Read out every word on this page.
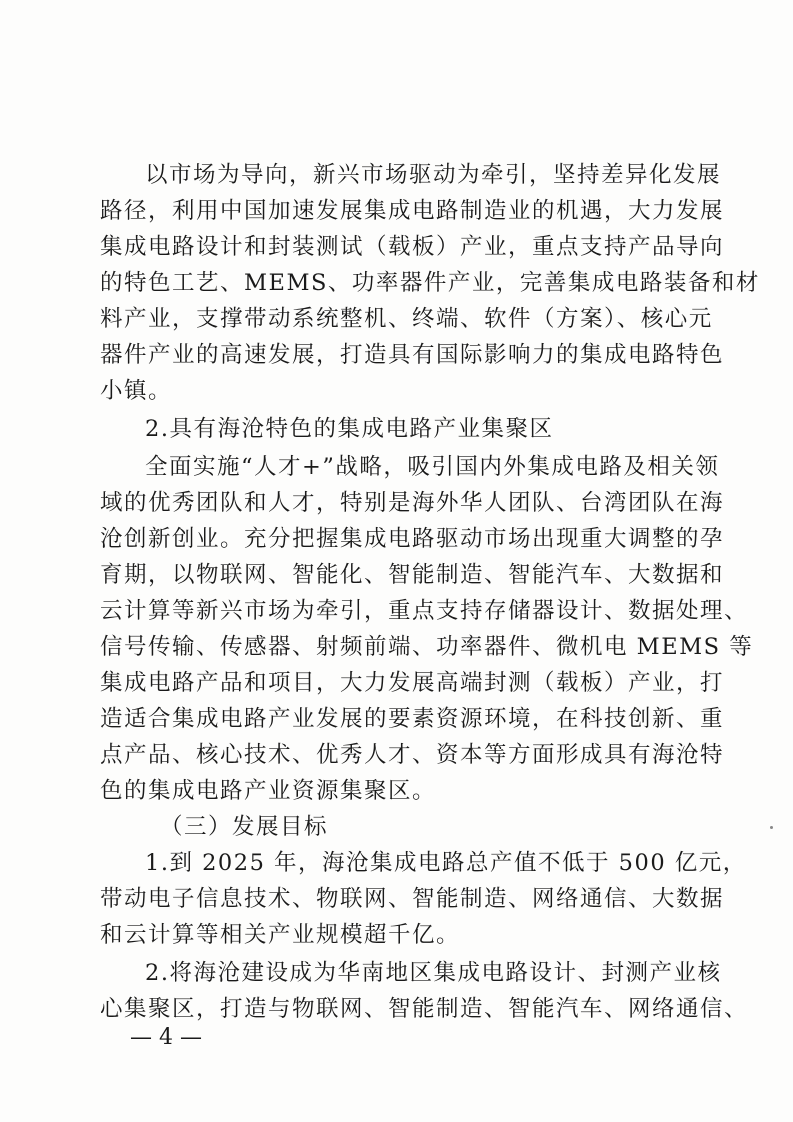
以市场为导向，新兴市场驱动为牵引，坚持差异化发展
路径，利用中国加速发展集成电路制造业的机遇，大力发展
集成电路设计和封装测试（载板）产业，重点支持产品导向
的特色工艺、MEMS、功率器件产业，完善集成电路装备和材
料产业，支撑带动系统整机、终端、软件（方案）、核心元
器件产业的高速发展，打造具有国际影响力的集成电路特色
小镇。
2.具有海沧特色的集成电路产业集聚区
全面实施“人才+”战略，吸引国内外集成电路及相关领
域的优秀团队和人才，特别是海外华人团队、台湾团队在海
沧创新创业。充分把握集成电路驱动市场出现重大调整的孕
育期，以物联网、智能化、智能制造、智能汽车、大数据和
云计算等新兴市场为牵引，重点支持存储器设计、数据处理、
信号传输、传感器、射频前端、功率器件、微机电 MEMS 等
集成电路产品和项目，大力发展高端封测（载板）产业，打
造适合集成电路产业发展的要素资源环境，在科技创新、重
点产品、核心技术、优秀人才、资本等方面形成具有海沧特
色的集成电路产业资源集聚区。
（三）发展目标
1.到 2025 年，海沧集成电路总产值不低于 500 亿元，
带动电子信息技术、物联网、智能制造、网络通信、大数据
和云计算等相关产业规模超千亿。
2.将海沧建设成为华南地区集成电路设计、封测产业核
心集聚区，打造与物联网、智能制造、智能汽车、网络通信、
— 4 —
